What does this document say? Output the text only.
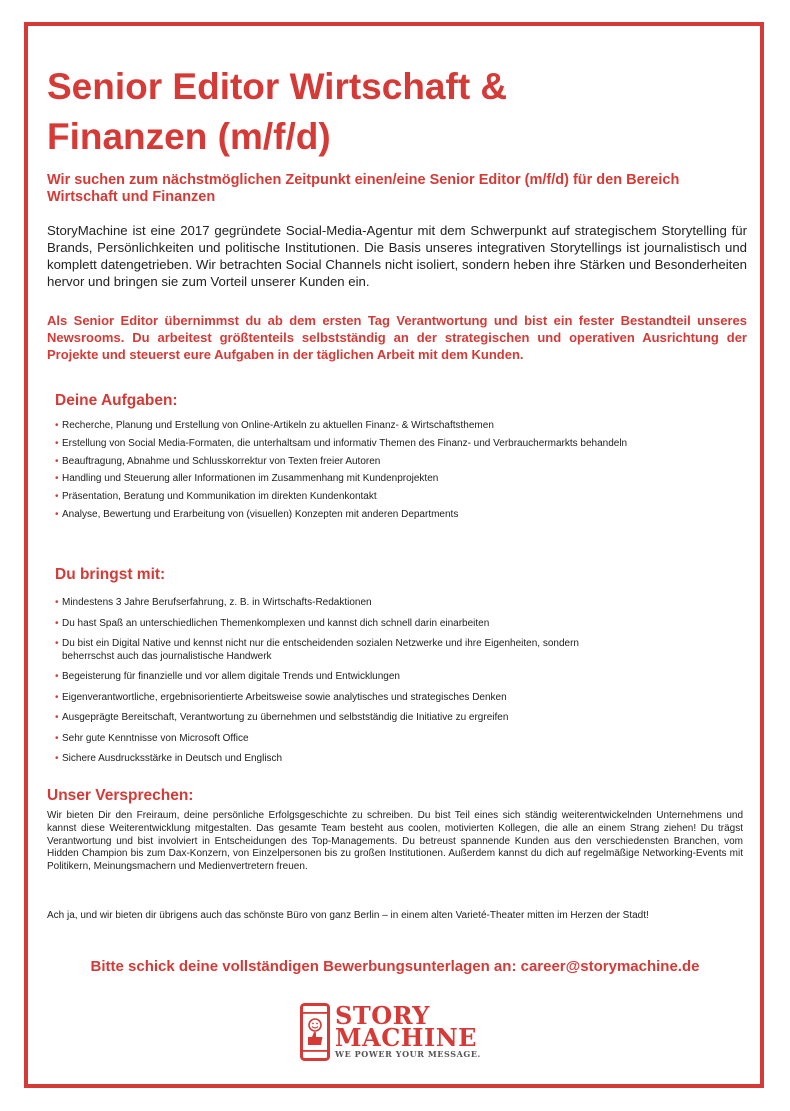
Senior Editor Wirtschaft &
Finanzen (m/f/d)
Wir suchen zum nächstmöglichen Zeitpunkt einen/eine Senior Editor (m/f/d) für den Bereich Wirtschaft und Finanzen
StoryMachine ist eine 2017 gegründete Social-Media-Agentur mit dem Schwerpunkt auf strategischem Storytelling für Brands, Persönlichkeiten und politische Institutionen. Die Basis unseres integrativen Storytellings ist journalistisch und komplett datengetrieben. Wir betrachten Social Channels nicht isoliert, sondern heben ihre Stärken und Besonderheiten hervor und bringen sie zum Vorteil unserer Kunden ein.
Als Senior Editor übernimmst du ab dem ersten Tag Verantwortung und bist ein fester Bestandteil unseres Newsrooms. Du arbeitest größtenteils selbstständig an der strategischen und operativen Ausrichtung der Projekte und steuerst eure Aufgaben in der täglichen Arbeit mit dem Kunden.
Deine Aufgaben:
• Recherche, Planung und Erstellung von Online-Artikeln zu aktuellen Finanz- & Wirtschaftsthemen
• Erstellung von Social Media-Formaten, die unterhaltsam und informativ Themen des Finanz- und Verbrauchermarkts behandeln
• Beauftragung, Abnahme und Schlusskorrektur von Texten freier Autoren
• Handling und Steuerung aller Informationen im Zusammenhang mit Kundenprojekten
• Präsentation, Beratung und Kommunikation im direkten Kundenkontakt
• Analyse, Bewertung und Erarbeitung von (visuellen) Konzepten mit anderen Departments
Du bringst mit:
• Mindestens 3 Jahre Berufserfahrung, z. B. in Wirtschafts-Redaktionen
• Du hast Spaß an unterschiedlichen Themenkomplexen und kannst dich schnell darin einarbeiten
• Du bist ein Digital Native und kennst nicht nur die entscheidenden sozialen Netzwerke und ihre Eigenheiten, sondern beherrschst auch das journalistische Handwerk
• Begeisterung für finanzielle und vor allem digitale Trends und Entwicklungen
• Eigenverantwortliche, ergebnisorientierte Arbeitsweise sowie analytisches und strategisches Denken
• Ausgeprägte Bereitschaft, Verantwortung zu übernehmen und selbstständig die Initiative zu ergreifen
• Sehr gute Kenntnisse von Microsoft Office
• Sichere Ausdrucksstärke in Deutsch und Englisch
Unser Versprechen:
Wir bieten Dir den Freiraum, deine persönliche Erfolgsgeschichte zu schreiben. Du bist Teil eines sich ständig weiterentwickelnden Unternehmens und kannst diese Weiterentwicklung mitgestalten. Das gesamte Team besteht aus coolen, motivierten Kollegen, die alle an einem Strang ziehen! Du trägst Verantwortung und bist involviert in Entscheidungen des Top-Managements. Du betreust spannende Kunden aus den verschiedensten Branchen, vom Hidden Champion bis zum Dax-Konzern, von Einzelpersonen bis zu großen Institutionen. Außerdem kannst du dich auf regelmäßige Networking-Events mit Politikern, Meinungsmachern und Medienvertretern freuen.
Ach ja, und wir bieten dir übrigens auch das schönste Büro von ganz Berlin – in einem alten Varieté-Theater mitten im Herzen der Stadt!
Bitte schick deine vollständigen Bewerbungsunterlagen an: career@storymachine.de
STORY
MACHINE
WE POWER YOUR MESSAGE.
